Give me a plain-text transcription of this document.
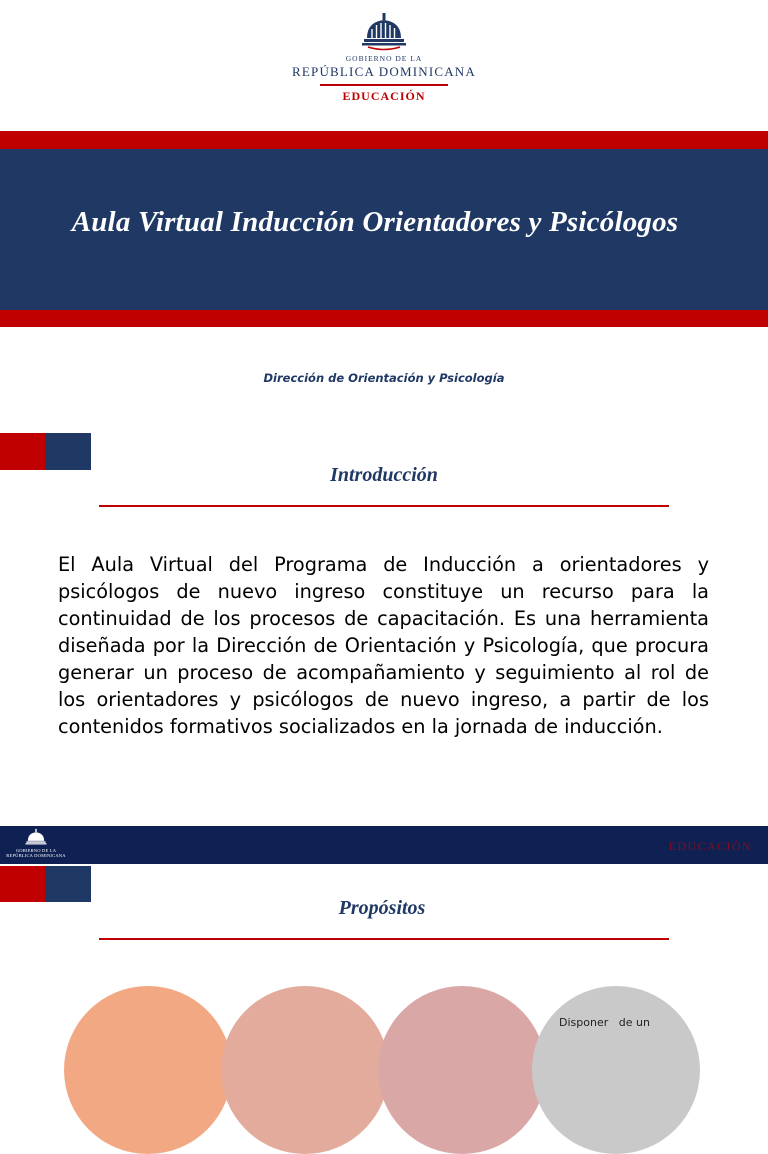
GOBIERNO DE LA
REPÚBLICA DOMINICANA
EDUCACIÓN
Aula Virtual Inducción Orientadores y Psicólogos
Dirección de Orientación y Psicología
Introducción

El Aula Virtual del Programa de Inducción a orientadores y psicólogos de nuevo ingreso constituye un recurso para la continuidad de los procesos de capacitación. Es una herramienta diseñada por la Dirección de Orientación y Psicología, que procura generar un proceso de acompañamiento y seguimiento al rol de los orientadores y psicólogos de nuevo ingreso, a partir de los contenidos formativos socializados en la jornada de inducción.

GOBIERNO DE LA
REPÚBLICA DOMINICANA
EDUCACIÓN
Propósitos
Disponer   de un
